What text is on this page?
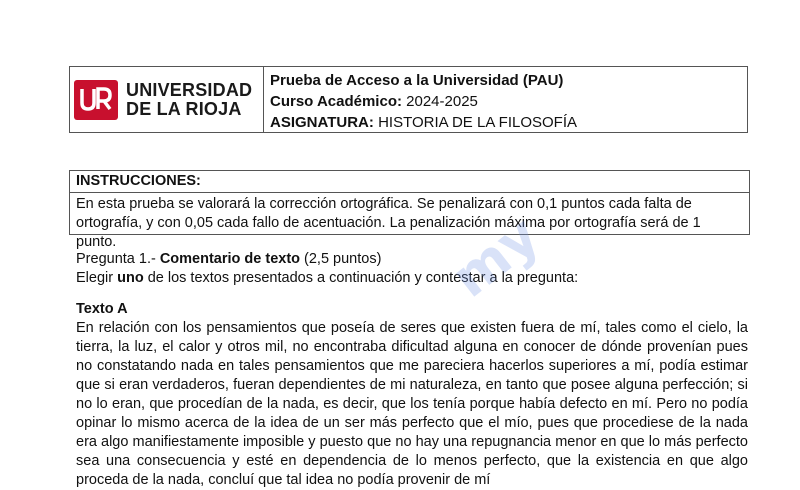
UNIVERSIDAD
DE LA RIOJA
Prueba de Acceso a la Universidad (PAU)
Curso Académico: 2024-2025
ASIGNATURA: HISTORIA DE LA FILOSOFÍA
INSTRUCCIONES:
En esta prueba se valorará la corrección ortográfica. Se penalizará con 0,1 puntos cada falta de ortografía, y con 0,05 cada fallo de acentuación. La penalización máxima por ortografía será de 1 punto.

Pregunta 1.- Comentario de texto (2,5 puntos)

Elegir uno de los textos presentados a continuación y contestar a la pregunta:

Texto A
En relación con los pensamientos que poseía de seres que existen fuera de mí, tales como el cielo, la tierra, la luz, el calor y otros mil, no encontraba dificultad alguna en conocer de dónde provenían pues no constatando nada en tales pensamientos que me pareciera hacerlos superiores a mí, podía estimar que si eran verdaderos, fueran dependientes de mi naturaleza, en tanto que posee alguna perfección; si no lo eran, que procedían de la nada, es decir, que los tenía porque había defecto en mí. Pero no podía opinar lo mismo acerca de la idea de un ser más perfecto que el mío, pues que procediese de la nada era algo manifiestamente imposible y puesto que no hay una repugnancia menor en que lo más perfecto sea una consecuencia y esté en dependencia de lo menos perfecto, que la existencia en que algo proceda de la nada, concluí que tal idea no podía provenir de mí
my
